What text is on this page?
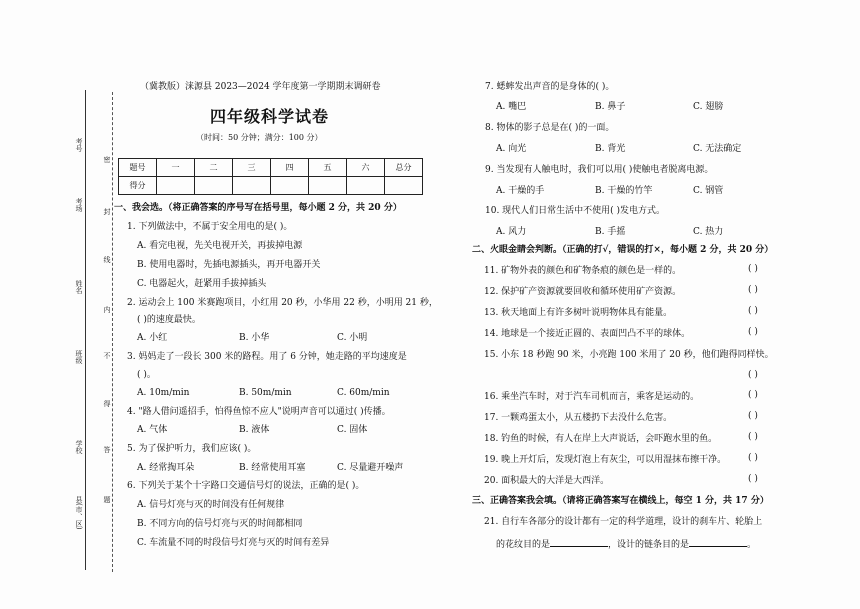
考号
考场
姓名
班级
学校
县(市、区)
密
封
线
内
不
得
答
题
（冀教版）涞源县 2023—2024 学年度第一学期期末调研卷
四年级科学试卷
（时间：50 分钟；满分：100 分）
题号	一	二	三	四	五	六	总分
得分							
一、我会选。（将正确答案的序号写在括号里，每小题 2 分，共 20 分）
1. 下列做法中，不属于安全用电的是( )。
A. 看完电视，先关电视开关，再拔掉电源
B. 使用电器时，先插电源插头，再开电器开关
C. 电器起火，赶紧用手拔掉插头
2. 运动会上 100 米赛跑项目，小红用 20 秒，小华用 22 秒，小明用 21 秒，
( )的速度最快。
A. 小红	B. 小华	C. 小明
3. 妈妈走了一段长 300 米的路程。用了 6 分钟，她走路的平均速度是
( )。
A. 10m/min	B. 50m/min	C. 60m/min
4. "路人借问遥招手，怕得鱼惊不应人"说明声音可以通过( )传播。
A. 气体	B. 液体	C. 固体
5. 为了保护听力，我们应该( )。
A. 经常掏耳朵	B. 经常使用耳塞	C. 尽量避开噪声
6. 下列关于某个十字路口交通信号灯的说法，正确的是( )。
A. 信号灯亮与灭的时间没有任何规律
B. 不同方向的信号灯亮与灭的时间都相同
C. 车流量不同的时段信号灯亮与灭的时间有差异
7. 蟋蟀发出声音的是身体的( )。
A. 嘴巴	B. 鼻子	C. 翅膀
8. 物体的影子总是在( )的一面。
A. 向光	B. 背光	C. 无法确定
9. 当发现有人触电时，我们可以用( )使触电者脱离电源。
A. 干燥的手	B. 干燥的竹竿	C. 钢管
10. 现代人们日常生活中不使用( )发电方式。
A. 风力	B. 手摇	C. 热力
二、火眼金睛会判断。（正确的打√，错误的打×，每小题 2 分，共 20 分）
11. 矿物外表的颜色和矿物条痕的颜色是一样的。	( )
12. 保护矿产资源就要回收和循环使用矿产资源。	( )
13. 秋天地面上有许多树叶说明物体具有能量。	( )
14. 地球是一个接近正圆的、表面凹凸不平的球体。	( )
15. 小东 18 秒跑 90 米，小亮跑 100 米用了 20 秒，他们跑得同样快。
( )
16. 乘坐汽车时，对于汽车司机而言，乘客是运动的。	( )
17. 一颗鸡蛋太小，从五楼扔下去没什么危害。	( )
18. 钓鱼的时候，有人在岸上大声说话，会吓跑水里的鱼。	( )
19. 晚上开灯后，发现灯泡上有灰尘，可以用湿抹布擦干净。 ( )
20. 面积最大的大洋是大西洋。	( )
三、正确答案我会填。（请将正确答案写在横线上，每空 1 分，共 17 分）
21. 自行车各部分的设计都有一定的科学道理，设计的刹车片、轮胎上
的花纹目的是	，设计的链条目的是	。
